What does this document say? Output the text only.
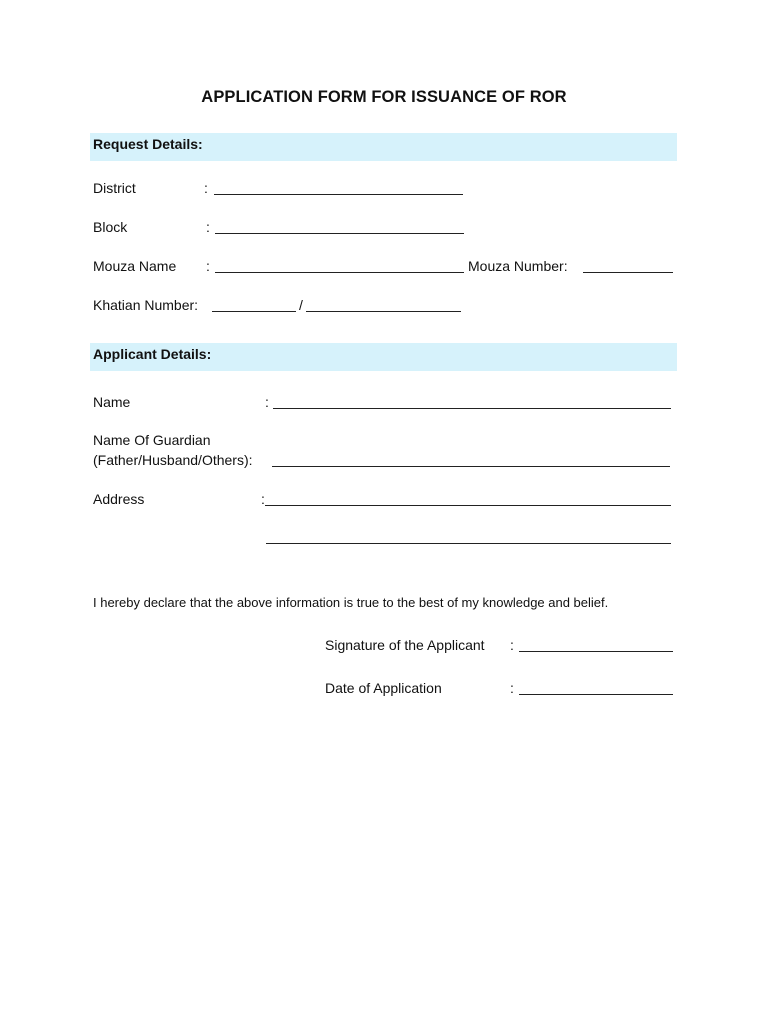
APPLICATION FORM FOR ISSUANCE OF ROR
Request Details:
District	:
Block	:
Mouza Name :	Mouza Number:
Khatian Number:	/
Applicant Details:
Name	:
Name Of Guardian
(Father/Husband/Others):
Address	:
I hereby declare that the above information is true to the best of my knowledge and belief.
Signature of the Applicant :
Date of Application	:
